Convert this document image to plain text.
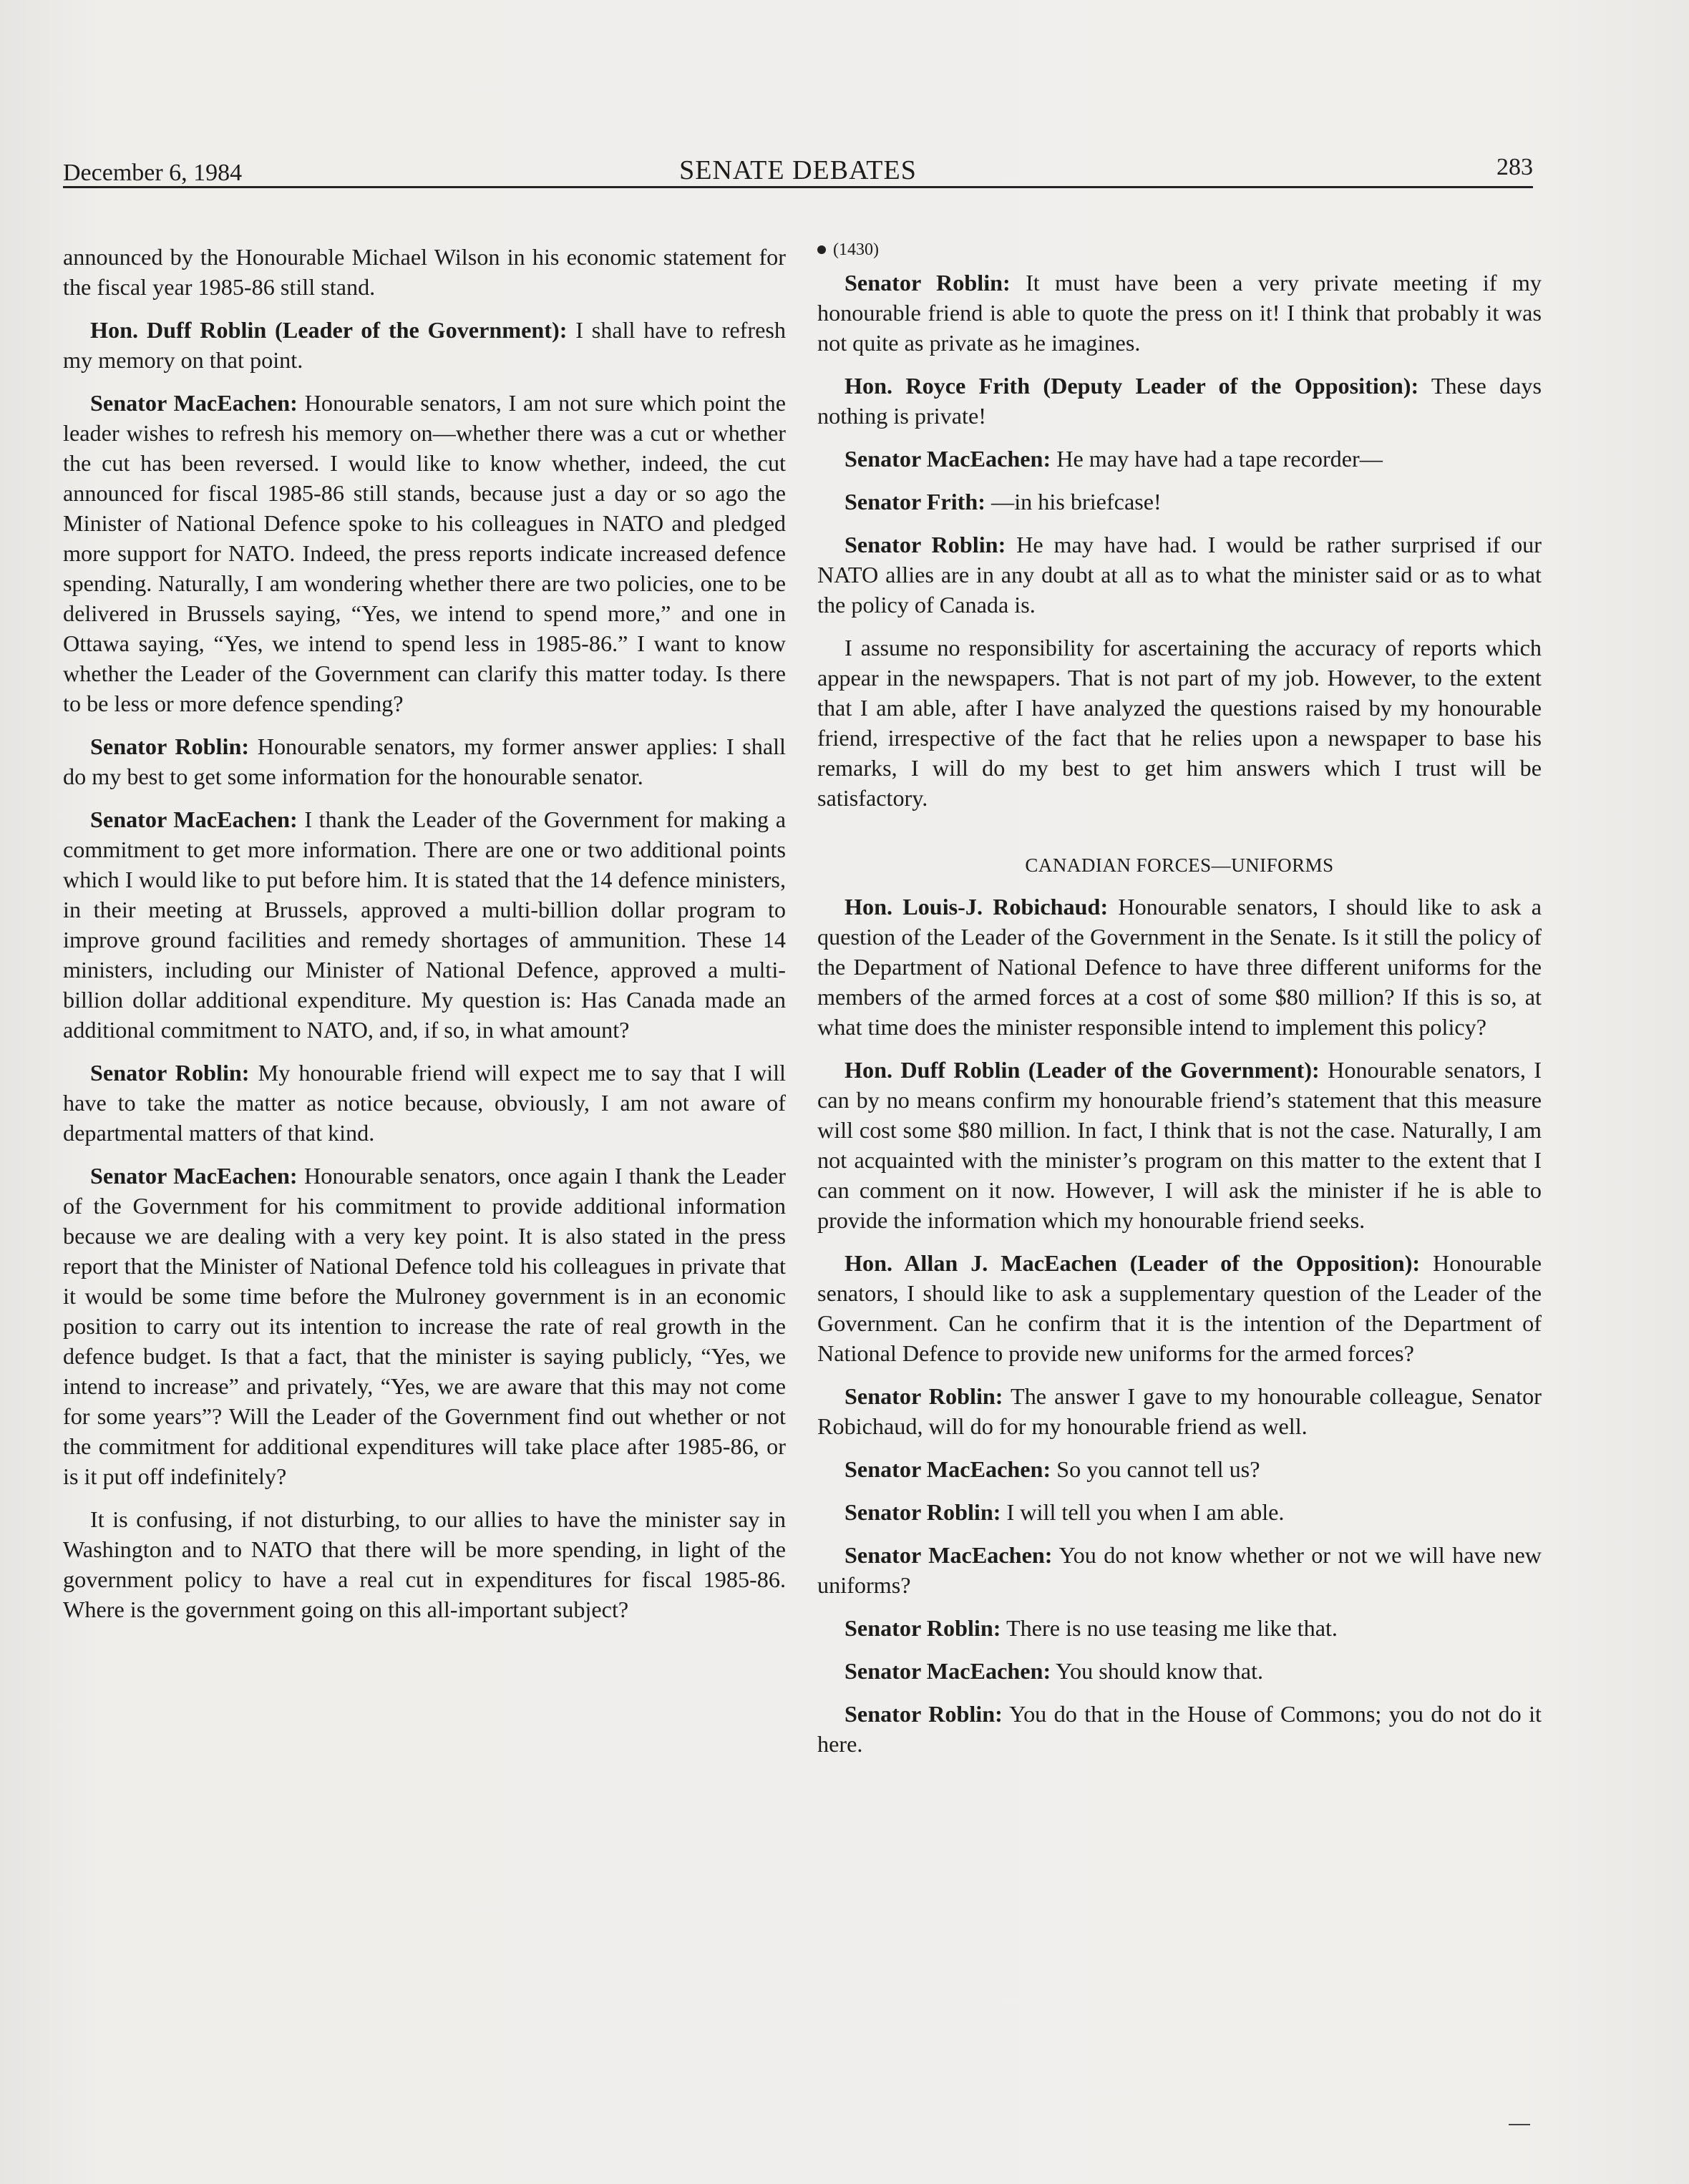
December 6, 1984	SENATE DEBATES	283

announced by the Honourable Michael Wilson in his economic statement for the fiscal year 1985-86 still stand.

Hon. Duff Roblin (Leader of the Government): I shall have to refresh my memory on that point.

Senator MacEachen: Honourable senators, I am not sure which point the leader wishes to refresh his memory on—whether there was a cut or whether the cut has been reversed. I would like to know whether, indeed, the cut announced for fiscal 1985-86 still stands, because just a day or so ago the Minister of National Defence spoke to his colleagues in NATO and pledged more support for NATO. Indeed, the press reports indicate increased defence spending. Naturally, I am wondering whether there are two policies, one to be delivered in Brussels saying, “Yes, we intend to spend more,” and one in Ottawa saying, “Yes, we intend to spend less in 1985-86.” I want to know whether the Leader of the Government can clarify this matter today. Is there to be less or more defence spending?

Senator Roblin: Honourable senators, my former answer applies: I shall do my best to get some information for the honourable senator.

Senator MacEachen: I thank the Leader of the Government for making a commitment to get more information. There are one or two additional points which I would like to put before him. It is stated that the 14 defence ministers, in their meeting at Brussels, approved a multi-billion dollar program to improve ground facilities and remedy shortages of ammunition. These 14 ministers, including our Minister of National Defence, approved a multi-billion dollar additional expenditure. My question is: Has Canada made an additional commitment to NATO, and, if so, in what amount?

Senator Roblin: My honourable friend will expect me to say that I will have to take the matter as notice because, obviously, I am not aware of departmental matters of that kind.

Senator MacEachen: Honourable senators, once again I thank the Leader of the Government for his commitment to provide additional information because we are dealing with a very key point. It is also stated in the press report that the Minister of National Defence told his colleagues in private that it would be some time before the Mulroney government is in an economic position to carry out its intention to increase the rate of real growth in the defence budget. Is that a fact, that the minister is saying publicly, “Yes, we intend to increase” and privately, “Yes, we are aware that this may not come for some years”? Will the Leader of the Government find out whether or not the commitment for additional expenditures will take place after 1985-86, or is it put off indefinitely?

It is confusing, if not disturbing, to our allies to have the minister say in Washington and to NATO that there will be more spending, in light of the government policy to have a real cut in expenditures for fiscal 1985-86. Where is the government going on this all-important subject?

(1430)

Senator Roblin: It must have been a very private meeting if my honourable friend is able to quote the press on it! I think that probably it was not quite as private as he imagines.

Hon. Royce Frith (Deputy Leader of the Opposition): These days nothing is private!

Senator MacEachen: He may have had a tape recorder—

Senator Frith: —in his briefcase!

Senator Roblin: He may have had. I would be rather surprised if our NATO allies are in any doubt at all as to what the minister said or as to what the policy of Canada is.

I assume no responsibility for ascertaining the accuracy of reports which appear in the newspapers. That is not part of my job. However, to the extent that I am able, after I have analyzed the questions raised by my honourable friend, irrespective of the fact that he relies upon a newspaper to base his remarks, I will do my best to get him answers which I trust will be satisfactory.

CANADIAN FORCES—UNIFORMS

Hon. Louis-J. Robichaud: Honourable senators, I should like to ask a question of the Leader of the Government in the Senate. Is it still the policy of the Department of National Defence to have three different uniforms for the members of the armed forces at a cost of some $80 million? If this is so, at what time does the minister responsible intend to implement this policy?

Hon. Duff Roblin (Leader of the Government): Honourable senators, I can by no means confirm my honourable friend’s statement that this measure will cost some $80 million. In fact, I think that is not the case. Naturally, I am not acquainted with the minister’s program on this matter to the extent that I can comment on it now. However, I will ask the minister if he is able to provide the information which my honourable friend seeks.

Hon. Allan J. MacEachen (Leader of the Opposition): Honourable senators, I should like to ask a supplementary question of the Leader of the Government. Can he confirm that it is the intention of the Department of National Defence to provide new uniforms for the armed forces?

Senator Roblin: The answer I gave to my honourable colleague, Senator Robichaud, will do for my honourable friend as well.

Senator MacEachen: So you cannot tell us?

Senator Roblin: I will tell you when I am able.

Senator MacEachen: You do not know whether or not we will have new uniforms?

Senator Roblin: There is no use teasing me like that.

Senator MacEachen: You should know that.

Senator Roblin: You do that in the House of Commons; you do not do it here.
